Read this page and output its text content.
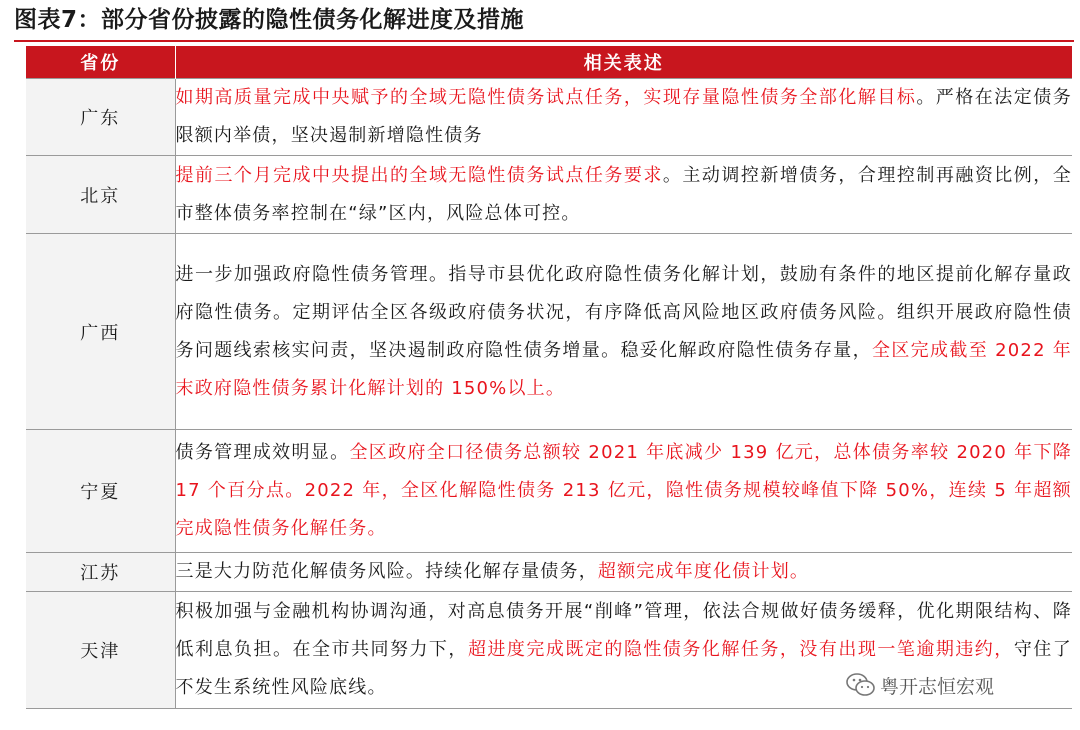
图表7：部分省份披露的隐性债务化解进度及措施
省份	相关表述
广东	如期高质量完成中央赋予的全域无隐性债务试点任务，实现存量隐性债务全部化解目标。严格在法定债务限额内举债，坚决遏制新增隐性债务
北京	提前三个月完成中央提出的全域无隐性债务试点任务要求。主动调控新增债务，合理控制再融资比例，全市整体债务率控制在“绿”区内，风险总体可控。
广西	进一步加强政府隐性债务管理。指导市县优化政府隐性债务化解计划，鼓励有条件的地区提前化解存量政府隐性债务。定期评估全区各级政府债务状况，有序降低高风险地区政府债务风险。组织开展政府隐性债务问题线索核实问责，坚决遏制政府隐性债务增量。稳妥化解政府隐性债务存量，全区完成截至 2022 年末政府隐性债务累计化解计划的 150%以上。
宁夏	债务管理成效明显。全区政府全口径债务总额较 2021 年底减少 139 亿元，总体债务率较 2020 年下降 17 个百分点。2022 年，全区化解隐性债务 213 亿元，隐性债务规模较峰值下降 50%，连续 5 年超额完成隐性债务化解任务。
江苏	三是大力防范化解债务风险。持续化解存量债务，超额完成年度化债计划。
天津	积极加强与金融机构协调沟通，对高息债务开展“削峰”管理，依法合规做好债务缓释，优化期限结构、降低利息负担。在全市共同努力下，超进度完成既定的隐性债务化解任务，没有出现一笔逾期违约，守住了不发生系统性风险底线。	粤开志恒宏观
